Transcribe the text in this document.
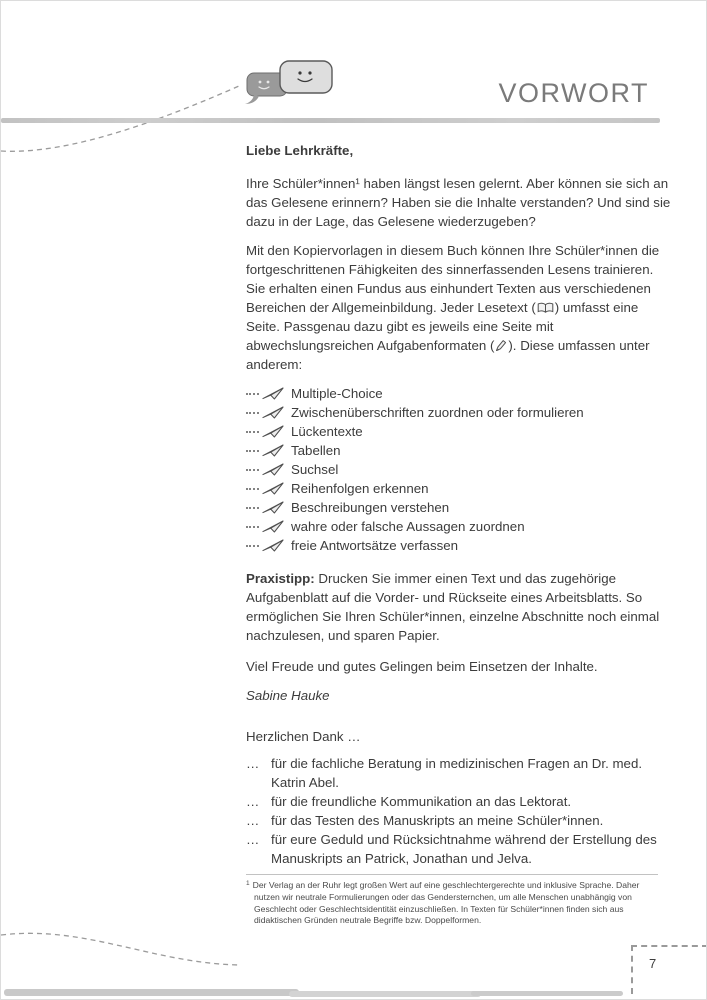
VORWORT

Liebe Lehrkräfte,

Ihre Schüler*innen¹ haben längst lesen gelernt. Aber können sie sich an das Gelesene erinnern? Haben sie die Inhalte verstanden? Und sind sie dazu in der Lage, das Gelesene wiederzugeben?

Mit den Kopiervorlagen in diesem Buch können Ihre Schüler*innen die fortgeschrittenen Fähigkeiten des sinnerfassenden Lesens trainieren. Sie erhalten einen Fundus aus einhundert Texten aus verschiedenen Bereichen der Allgemeinbildung. Jeder Lesetext ( ) umfasst eine Seite. Passgenau dazu gibt es jeweils eine Seite mit abwechslungsreichen Aufgabenformaten ( ). Diese umfassen unter anderem:

Multiple-Choice
Zwischenüberschriften zuordnen oder formulieren
Lückentexte
Tabellen
Suchsel
Reihenfolgen erkennen
Beschreibungen verstehen
wahre oder falsche Aussagen zuordnen
freie Antwortsätze verfassen

Praxistipp: Drucken Sie immer einen Text und das zugehörige Aufgabenblatt auf die Vorder- und Rückseite eines Arbeitsblatts. So ermöglichen Sie Ihren Schüler*innen, einzelne Abschnitte noch einmal nachzulesen, und sparen Papier.

Viel Freude und gutes Gelingen beim Einsetzen der Inhalte.

Sabine Hauke

Herzlichen Dank …

… für die fachliche Beratung in medizinischen Fragen an Dr. med. Katrin Abel.
… für die freundliche Kommunikation an das Lektorat.
… für das Testen des Manuskripts an meine Schüler*innen.
… für eure Geduld und Rücksichtnahme während der Erstellung des Manuskripts an Patrick, Jonathan und Jelva.
$^1$ Der Verlag an der Ruhr legt großen Wert auf eine geschlechtergerechte und inklusive Sprache. Daher nutzen wir neutrale Formulierungen oder das Gendersternchen, um alle Menschen unabhängig von Geschlecht oder Geschlechtsidentität einzuschließen. In Texten für Schüler*innen finden sich aus didaktischen Gründen neutrale Begriffe bzw. Doppelformen.
7
